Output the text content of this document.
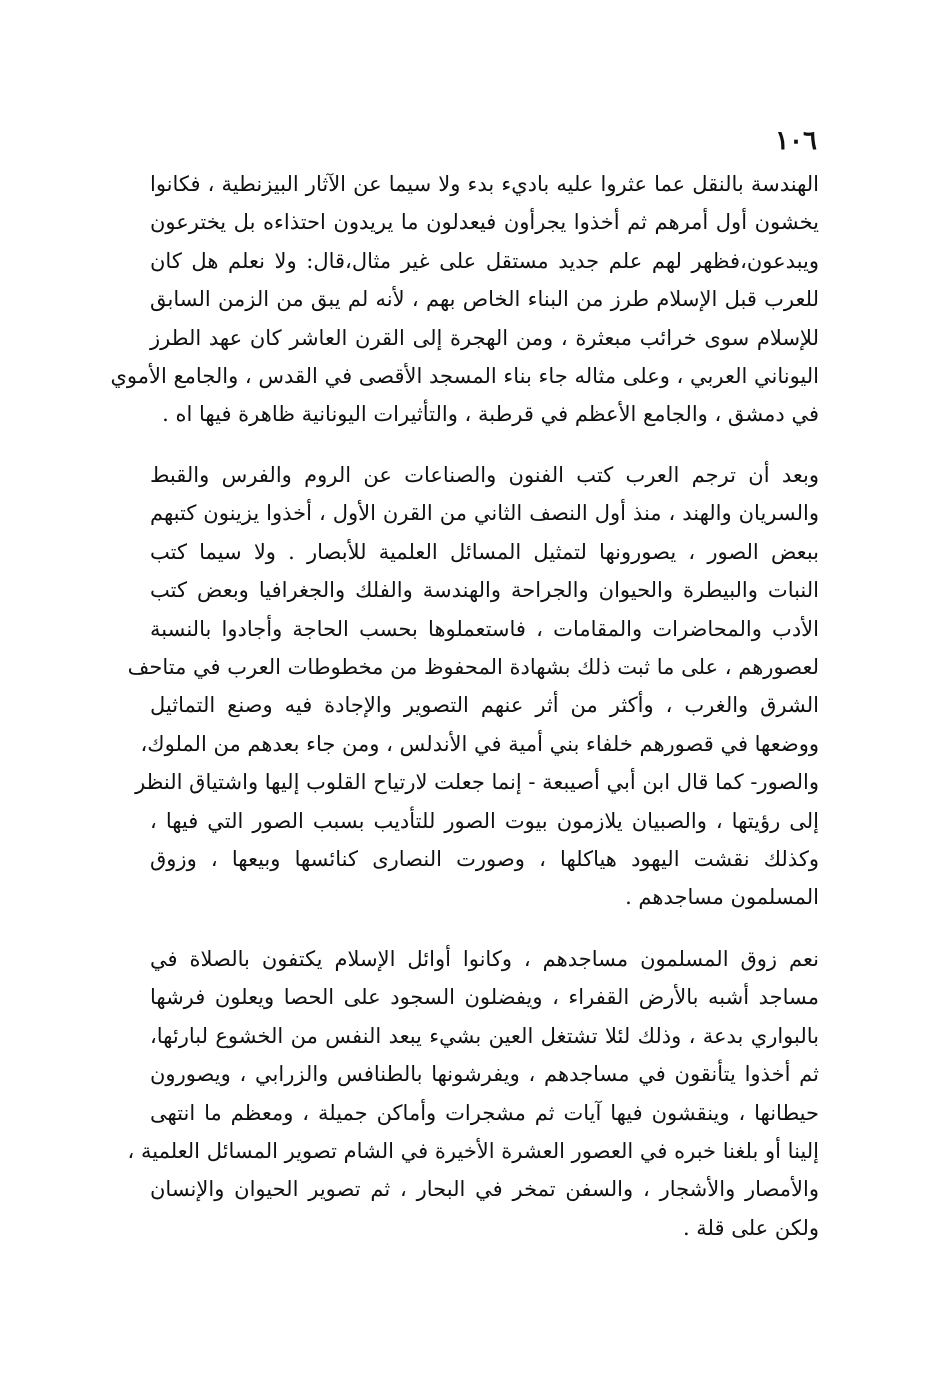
١٠٦
الهندسة بالنقل عما عثروا عليه باديء بدء ولا سيما عن الآثار البيزنطية ، فكانوا
يخشون أول أمرهم ثم أخذوا يجرأون فيعدلون ما يريدون احتذاءه بل يخترعون
ويبدعون،فظهر لهم علم جديد مستقل على غير مثال،قال: ولا نعلم هل كان
للعرب قبل الإسلام طرز من البناء الخاص بهم ، لأنه لم يبق من الزمن السابق
للإسلام سوى خرائب مبعثرة ، ومن الهجرة إلى القرن العاشر كان عهد الطرز
اليوناني العربي ، وعلى مثاله جاء بناء المسجد الأقصى في القدس ، والجامع الأموي
في دمشق ، والجامع الأعظم في قرطبة ، والتأثيرات اليونانية ظاهرة فيها اه .
وبعد أن ترجم العرب كتب الفنون والصناعات عن الروم والفرس والقبط
والسريان والهند ، منذ أول النصف الثاني من القرن الأول ، أخذوا يزينون كتبهم
ببعض الصور ، يصورونها لتمثيل المسائل العلمية للأبصار . ولا سيما كتب
النبات والبيطرة والحيوان والجراحة والهندسة والفلك والجغرافيا وبعض كتب
الأدب والمحاضرات والمقامات ، فاستعملوها بحسب الحاجة وأجادوا بالنسبة
لعصورهم ، على ما ثبت ذلك بشهادة المحفوظ من مخطوطات العرب في متاحف
الشرق والغرب ، وأكثر من أثر عنهم التصوير والإجادة فيه وصنع التماثيل
ووضعها في قصورهم خلفاء بني أمية في الأندلس ، ومن جاء بعدهم من الملوك،
والصور- كما قال ابن أبي أصيبعة - إنما جعلت لارتياح القلوب إليها واشتياق النظر
إلى رؤيتها ، والصبيان يلازمون بيوت الصور للتأديب بسبب الصور التي فيها ،
وكذلك نقشت اليهود هياكلها ، وصورت النصارى كنائسها وبيعها ، وزوق
المسلمون مساجدهم .
نعم زوق المسلمون مساجدهم ، وكانوا أوائل الإسلام يكتفون بالصلاة في
مساجد أشبه بالأرض القفراء ، ويفضلون السجود على الحصا ويعلون فرشها
بالبواري بدعة ، وذلك لئلا تشتغل العين بشيء يبعد النفس من الخشوع لبارئها،
ثم أخذوا يتأنقون في مساجدهم ، ويفرشونها بالطنافس والزرابي ، ويصورون
حيطانها ، وينقشون فيها آيات ثم مشجرات وأماكن جميلة ، ومعظم ما انتهى
إلينا أو بلغنا خبره في العصور العشرة الأخيرة في الشام تصوير المسائل العلمية ،
والأمصار والأشجار ، والسفن تمخر في البحار ، ثم تصوير الحيوان والإنسان
ولكن على قلة .
